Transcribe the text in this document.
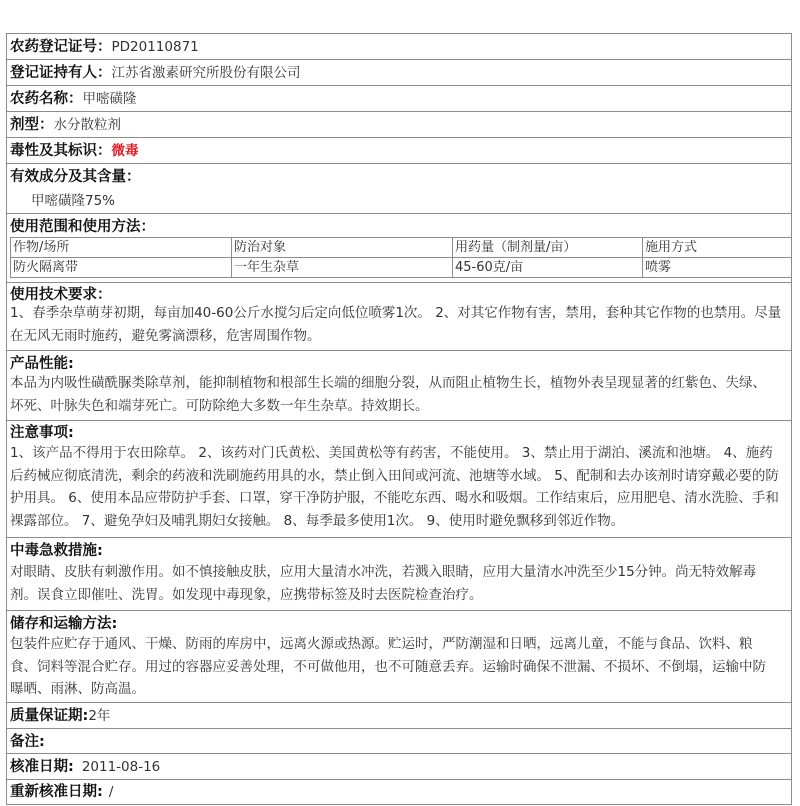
农药登记证号：PD20110871
登记证持有人：江苏省激素研究所股份有限公司
农药名称：甲嘧磺隆
剂型：水分散粒剂
毒性及其标识：微毒
有效成分及其含量：
甲嘧磺隆75%
使用范围和使用方法：
作物/场所	防治对象	用药量（制剂量/亩）	施用方式
防火隔离带	一年生杂草	45-60克/亩	喷雾
使用技术要求：

1、春季杂草萌芽初期，每亩加40-60公斤水搅匀后定向低位喷雾1次。 2、对其它作物有害，禁用，套种其它作物的也禁用。尽量
在无风无雨时施药，避免雾滴漂移，危害周围作物。

产品性能:

本品为内吸性磺酰脲类除草剂，能抑制植物和根部生长端的细胞分裂，从而阻止植物生长，植物外表呈现显著的红紫色、失绿、
坏死、叶脉失色和端芽死亡。可防除绝大多数一年生杂草。持效期长。

注意事项:

1、该产品不得用于农田除草。 2、该药对门氏黄松、美国黄松等有药害，不能使用。 3、禁止用于湖泊、溪流和池塘。 4、施药
后药械应彻底清洗，剩余的药液和洗刷施药用具的水，禁止倒入田间或河流、池塘等水域。 5、配制和去办该剂时请穿戴必要的防
护用具。 6、使用本品应带防护手套、口罩，穿干净防护服，不能吃东西、喝水和吸烟。工作结束后，应用肥皂、清水洗脸、手和
裸露部位。 7、避免孕妇及哺乳期妇女接触。 8、每季最多使用1次。 9、使用时避免飘移到邻近作物。

中毒急救措施:

对眼睛、皮肤有刺激作用。如不慎接触皮肤，应用大量清水冲洗，若溅入眼睛，应用大量清水冲洗至少15分钟。尚无特效解毒
剂。误食立即催吐、洗胃。如发现中毒现象，应携带标签及时去医院检查治疗。

储存和运输方法:

包装件应贮存于通风、干燥、防雨的库房中，远离火源或热源。贮运时，严防潮湿和日晒，远离儿童，不能与食品、饮料、粮
食、饲料等混合贮存。用过的容器应妥善处理，不可做他用，也不可随意丢弃。运输时确保不泄漏、不损坏、不倒塌，运输中防
曝晒、雨淋、防高温。

质量保证期:2年
备注:
核准日期: 2011-08-16
重新核准日期: /
